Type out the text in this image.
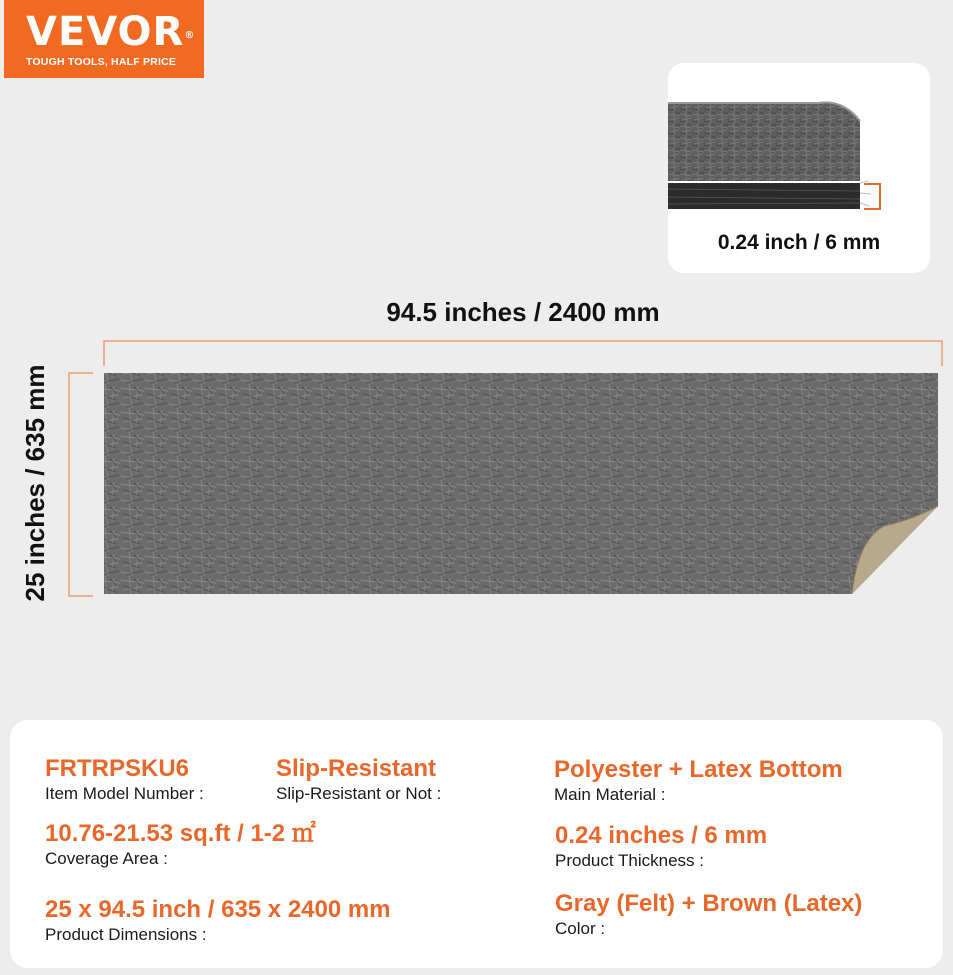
VEVOR®
TOUGH TOOLS, HALF PRICE
0.24 inch / 6 mm
94.5 inches / 2400 mm
25 inches / 635 mm
FRTRPSKU6
Item Model Number :
Slip-Resistant
Slip-Resistant or Not :
Polyester + Latex Bottom
Main Material :
10.76-21.53 sq.ft / 1-2 ㎡
Coverage Area :
0.24 inches / 6 mm
Product Thickness :
25 x 94.5 inch / 635 x 2400 mm
Product Dimensions :
Gray (Felt) + Brown (Latex)
Color :
